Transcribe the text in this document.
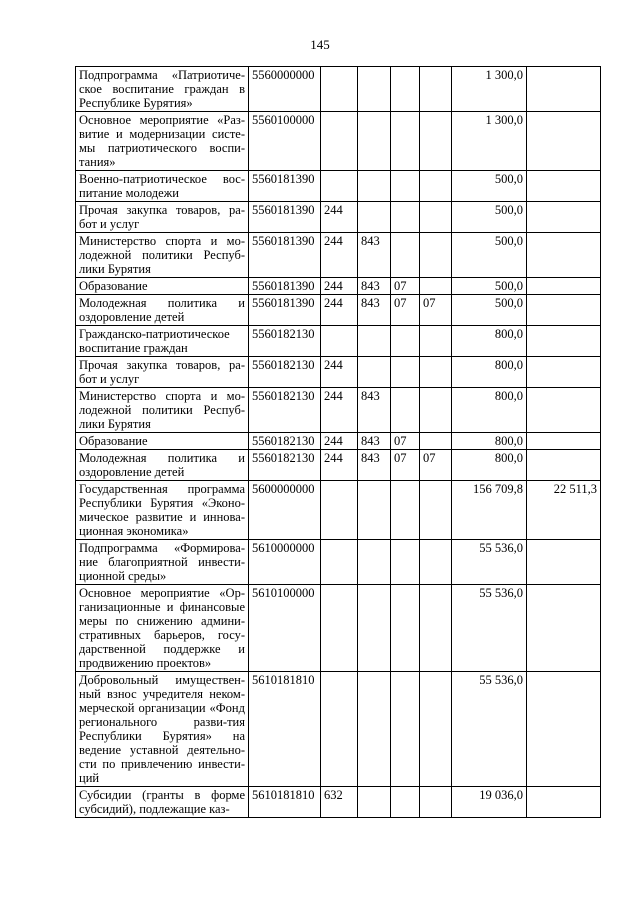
145
Подпрограмма «Патриотиче-ское воспитание граждан в Республике Бурятия»	5560000000					1 300,0	
Основное мероприятие «Раз-витие и модернизации систе-мы патриотического воспи-тания»	5560100000					1 300,0	
Военно-патриотическое вос-питание молодежи	5560181390					500,0	
Прочая закупка товаров, ра-бот и услуг	5560181390	244				500,0	
Министерство спорта и мо-лодежной политики Респуб-лики Бурятия	5560181390	244	843			500,0	
Образование	5560181390	244	843	07		500,0	
Молодежная политика и оздоровление детей	5560181390	244	843	07	07	500,0	
Гражданско-патриотическое воспитание граждан	5560182130					800,0	
Прочая закупка товаров, ра-бот и услуг	5560182130	244				800,0	
Министерство спорта и мо-лодежной политики Респуб-лики Бурятия	5560182130	244	843			800,0	
Образование	5560182130	244	843	07		800,0	
Молодежная политика и оздоровление детей	5560182130	244	843	07	07	800,0	
Государственная программа Республики Бурятия «Эконо-мическое развитие и иннова-ционная экономика»	5600000000					156 709,8	22 511,3
Подпрограмма «Формирова-ние благоприятной инвести-ционной среды»	5610000000					55 536,0	
Основное мероприятие «Ор-ганизационные и финансовые меры по снижению админи-стративных барьеров, госу-дарственной поддержке и продвижению проектов»	5610100000					55 536,0	
Добровольный имуществен-ный взнос учредителя неком-мерческой организации «Фонд регионального разви-тия Республики Бурятия» на ведение уставной деятельно-сти по привлечению инвести-ций	5610181810					55 536,0	
Субсидии (гранты в форме субсидий), подлежащие каз-	5610181810	632				19 036,0	
